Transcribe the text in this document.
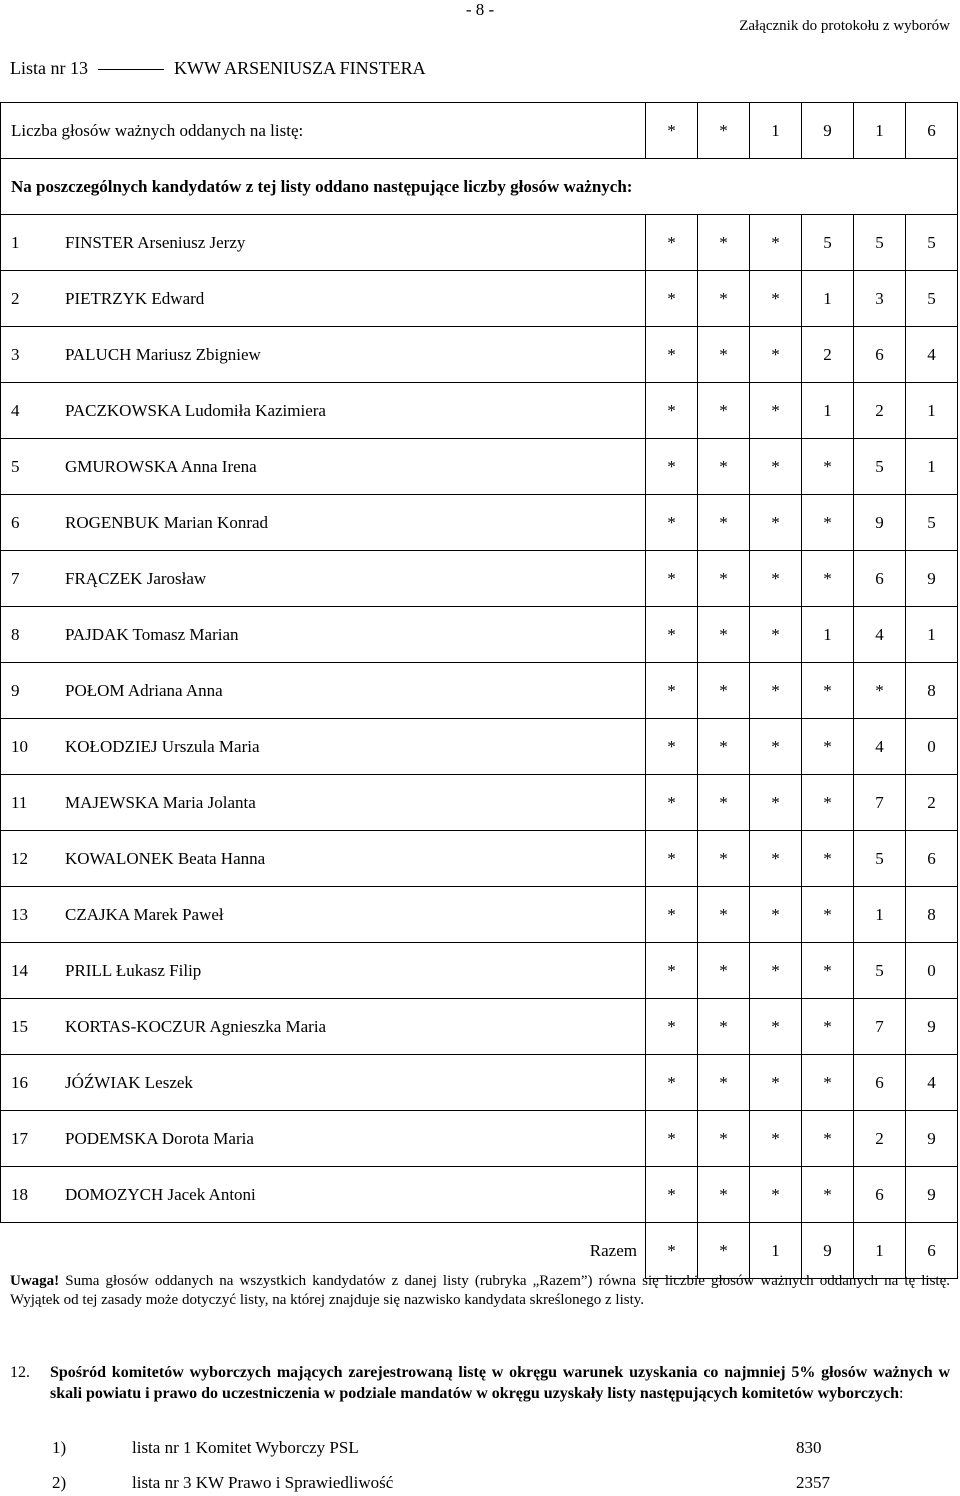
- 8 -
Załącznik do protokołu z wyborów
Lista nr 13	KWW ARSENIUSZA FINSTERA
Liczba głosów ważnych oddanych na listę:	*	*	1	9	1	6
Na poszczególnych kandydatów z tej listy oddano następujące liczby głosów ważnych:						
1 FINSTER Arseniusz Jerzy	*	*	*	5	5	5
2 PIETRZYK Edward	*	*	*	1	3	5
3 PALUCH Mariusz Zbigniew	*	*	*	2	6	4
4 PACZKOWSKA Ludomiła Kazimiera	*	*	*	1	2	1
5 GMUROWSKA Anna Irena	*	*	*	*	5	1
6 ROGENBUK Marian Konrad	*	*	*	*	9	5
7 FRĄCZEK Jarosław	*	*	*	*	6	9
8 PAJDAK Tomasz Marian	*	*	*	1	4	1
9 POŁOM Adriana Anna	*	*	*	*	*	8
10 KOŁODZIEJ Urszula Maria	*	*	*	*	4	0
11 MAJEWSKA Maria Jolanta	*	*	*	*	7	2
12 KOWALONEK Beata Hanna	*	*	*	*	5	6
13 CZAJKA Marek Paweł	*	*	*	*	1	8
14 PRILL Łukasz Filip	*	*	*	*	5	0
15 KORTAS-KOCZUR Agnieszka Maria	*	*	*	*	7	9
16 JÓŹWIAK Leszek	*	*	*	*	6	4
17 PODEMSKA Dorota Maria	*	*	*	*	2	9
18 DOMOZYCH Jacek Antoni	*	*	*	*	6	9
Razem	*	*	1	9	1	6
Uwaga! Suma głosów oddanych na wszystkich kandydatów z danej listy (rubryka „Razem”) równa się liczbie głosów ważnych oddanych na tę listę. Wyjątek od tej zasady może dotyczyć listy, na której znajduje się nazwisko kandydata skreślonego z listy.
12. Spośród komitetów wyborczych mających zarejestrowaną listę w okręgu warunek uzyskania co najmniej 5% głosów ważnych w skali powiatu i prawo do uczestniczenia w podziale mandatów w okręgu uzyskały listy następujących komitetów wyborczych:
1)	lista nr 1 Komitet Wyborczy PSL	830
2)	lista nr 3 KW Prawo i Sprawiedliwość	2357
